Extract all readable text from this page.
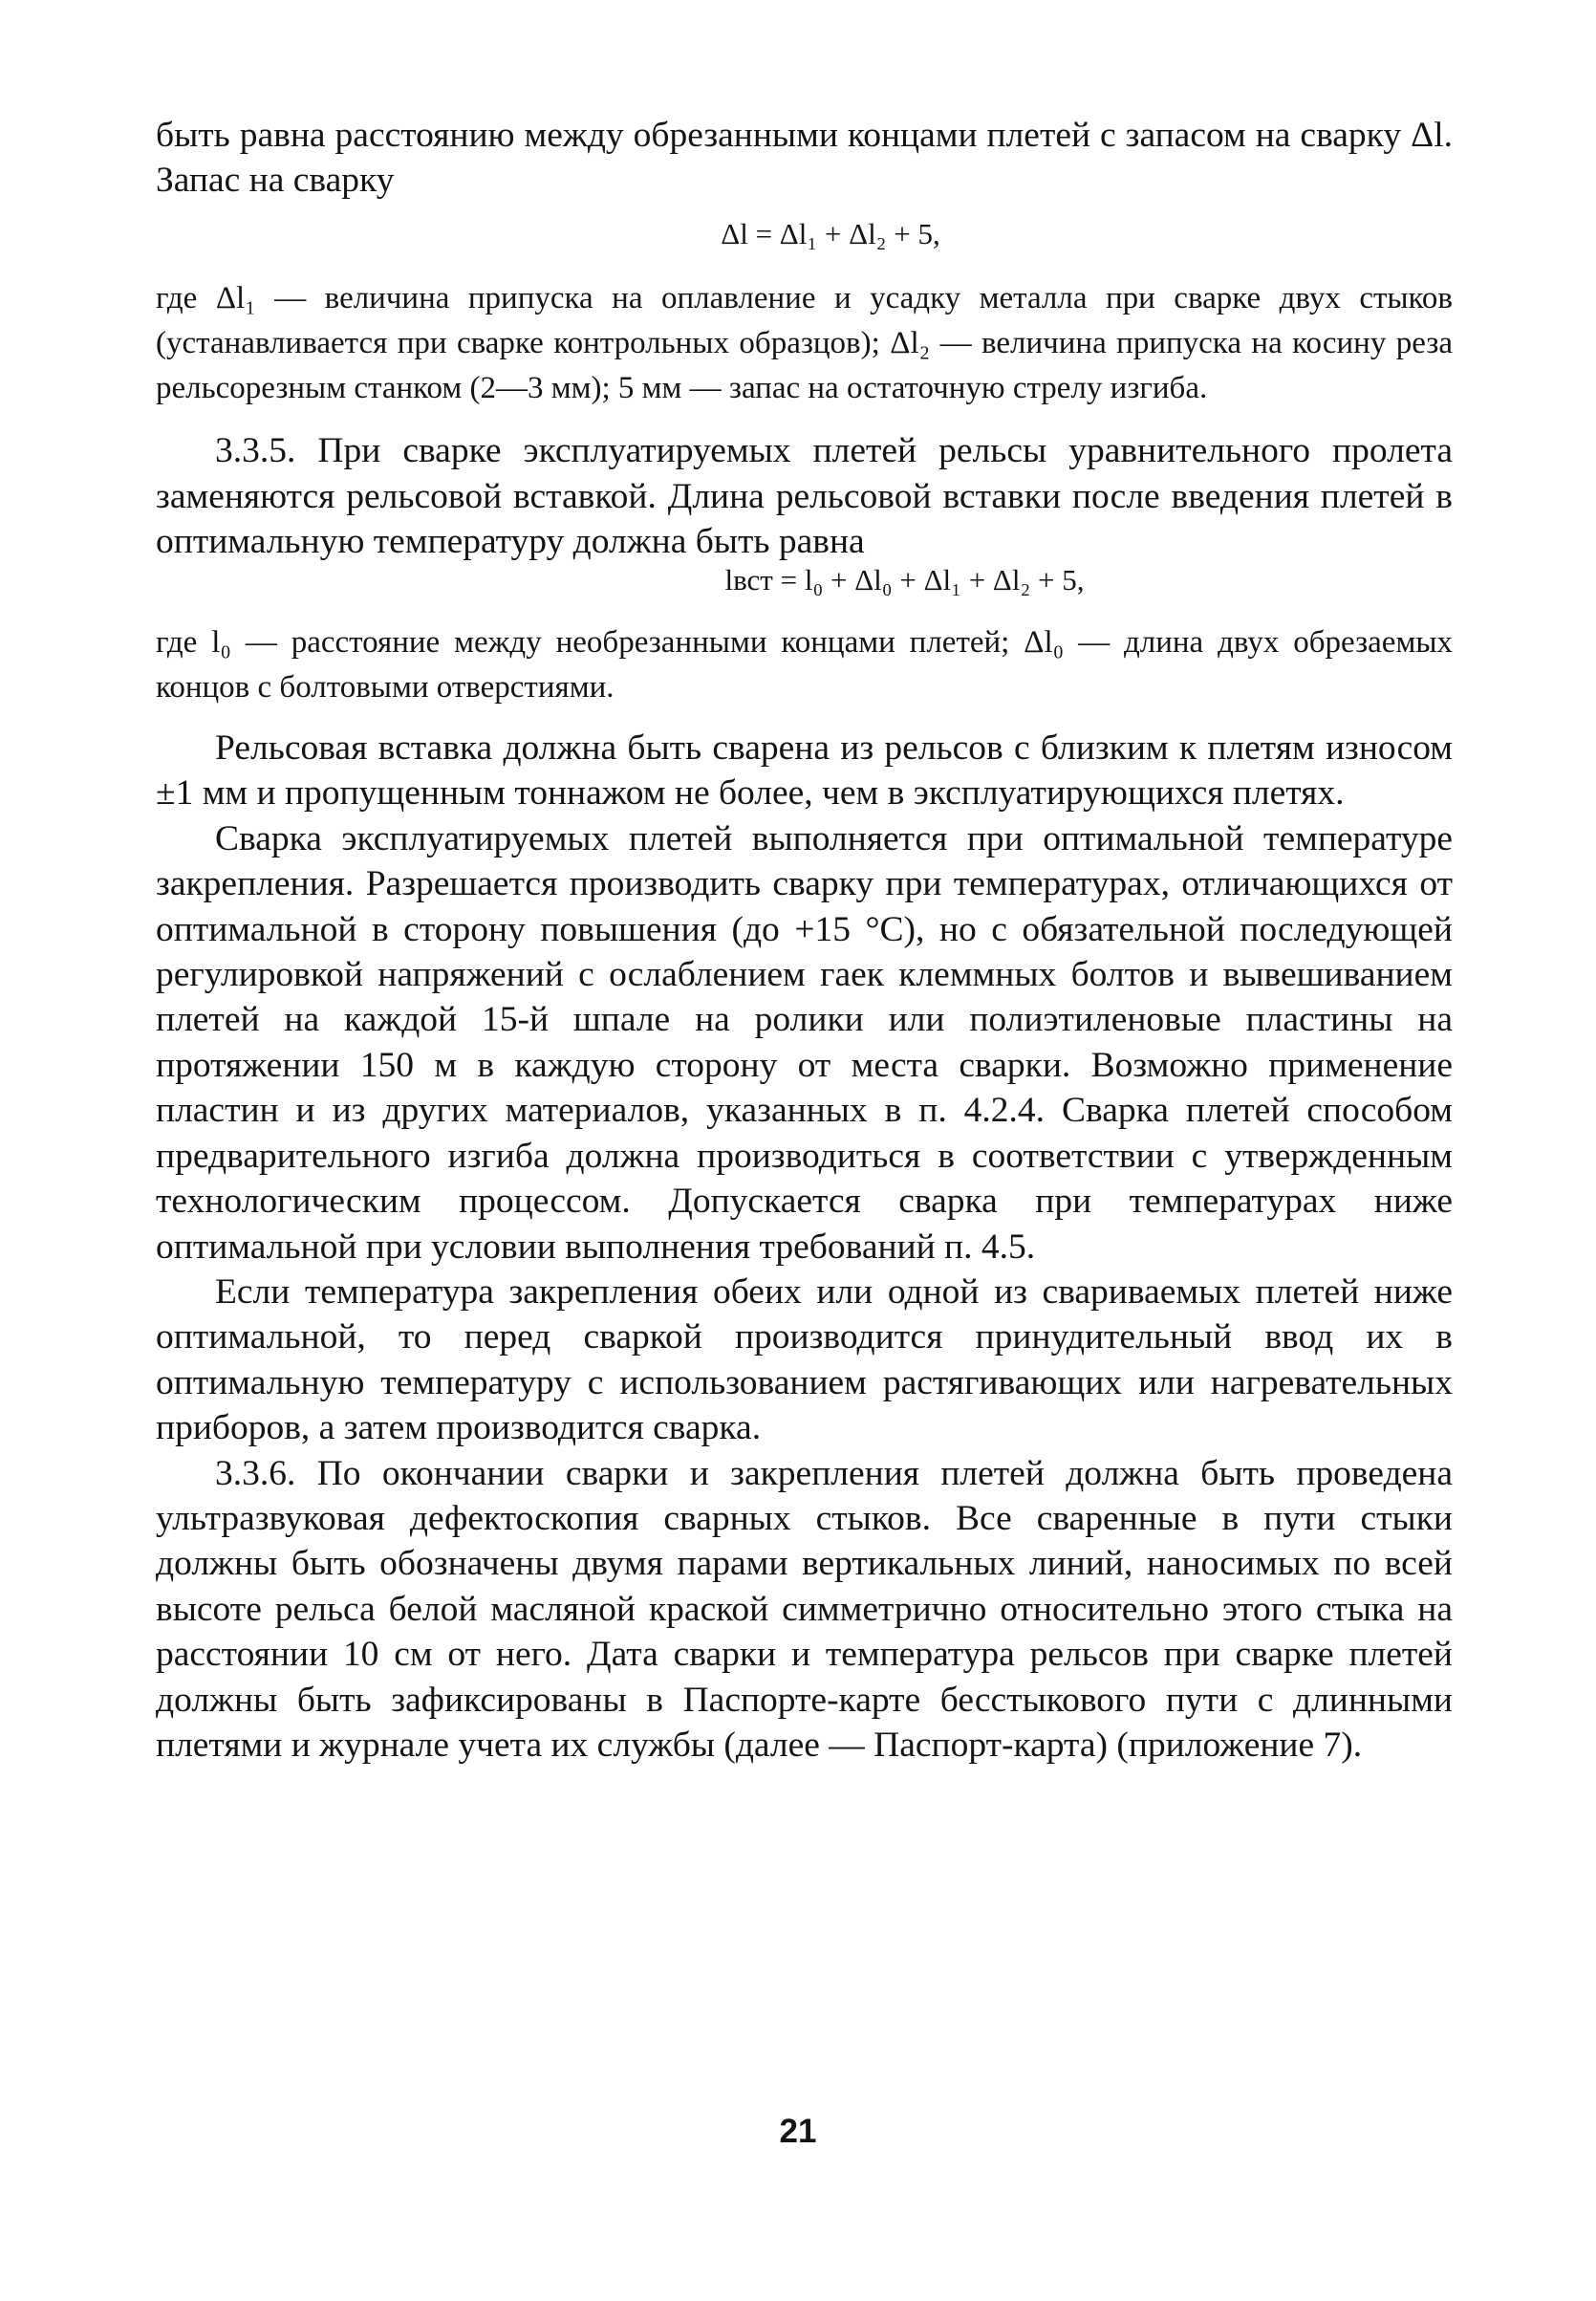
быть равна расстоянию между обрезанными концами плетей с запасом на сварку Δl. Запас на сварку

Δl = Δl₁ + Δl₂ + 5,

где Δl₁ — величина припуска на оплавление и усадку металла при сварке двух стыков (устанавливается при сварке контрольных образцов); Δl₂ — величина припуска на косину реза рельсорезным станком (2—3 мм); 5 мм — запас на остаточную стрелу изгиба.

3.3.5. При сварке эксплуатируемых плетей рельсы уравнительного пролета заменяются рельсовой вставкой. Длина рельсовой вставки после введения плетей в оптимальную температуру должна быть равна

lвст = l₀ + Δl₀ + Δl₁ + Δl₂ + 5,

где l₀ — расстояние между необрезанными концами плетей; Δl₀ — длина двух обрезаемых концов с болтовыми отверстиями.

Рельсовая вставка должна быть сварена из рельсов с близким к плетям износом ±1 мм и пропущенным тоннажом не более, чем в эксплуатирующихся плетях.

Сварка эксплуатируемых плетей выполняется при оптимальной температуре закрепления. Разрешается производить сварку при температурах, отличающихся от оптимальной в сторону повышения (до +15 °С), но с обязательной последующей регулировкой напряжений с ослаблением гаек клеммных болтов и вывешиванием плетей на каждой 15-й шпале на ролики или полиэтиленовые пластины на протяжении 150 м в каждую сторону от места сварки. Возможно применение пластин и из других материалов, указанных в п. 4.2.4. Сварка плетей способом предварительного изгиба должна производиться в соответствии с утвержденным технологическим процессом. Допускается сварка при температурах ниже оптимальной при условии выполнения требований п. 4.5.

Если температура закрепления обеих или одной из свариваемых плетей ниже оптимальной, то перед сваркой производится принудительный ввод их в оптимальную температуру с использованием растягивающих или нагревательных приборов, а затем производится сварка.

3.3.6. По окончании сварки и закрепления плетей должна быть проведена ультразвуковая дефектоскопия сварных стыков. Все сваренные в пути стыки должны быть обозначены двумя парами вертикальных линий, наносимых по всей высоте рельса белой масляной краской симметрично относительно этого стыка на расстоянии 10 см от него. Дата сварки и температура рельсов при сварке плетей должны быть зафиксированы в Паспорте-карте бесстыкового пути с длинными плетями и журнале учета их службы (далее — Паспорт-карта) (приложение 7).

21
